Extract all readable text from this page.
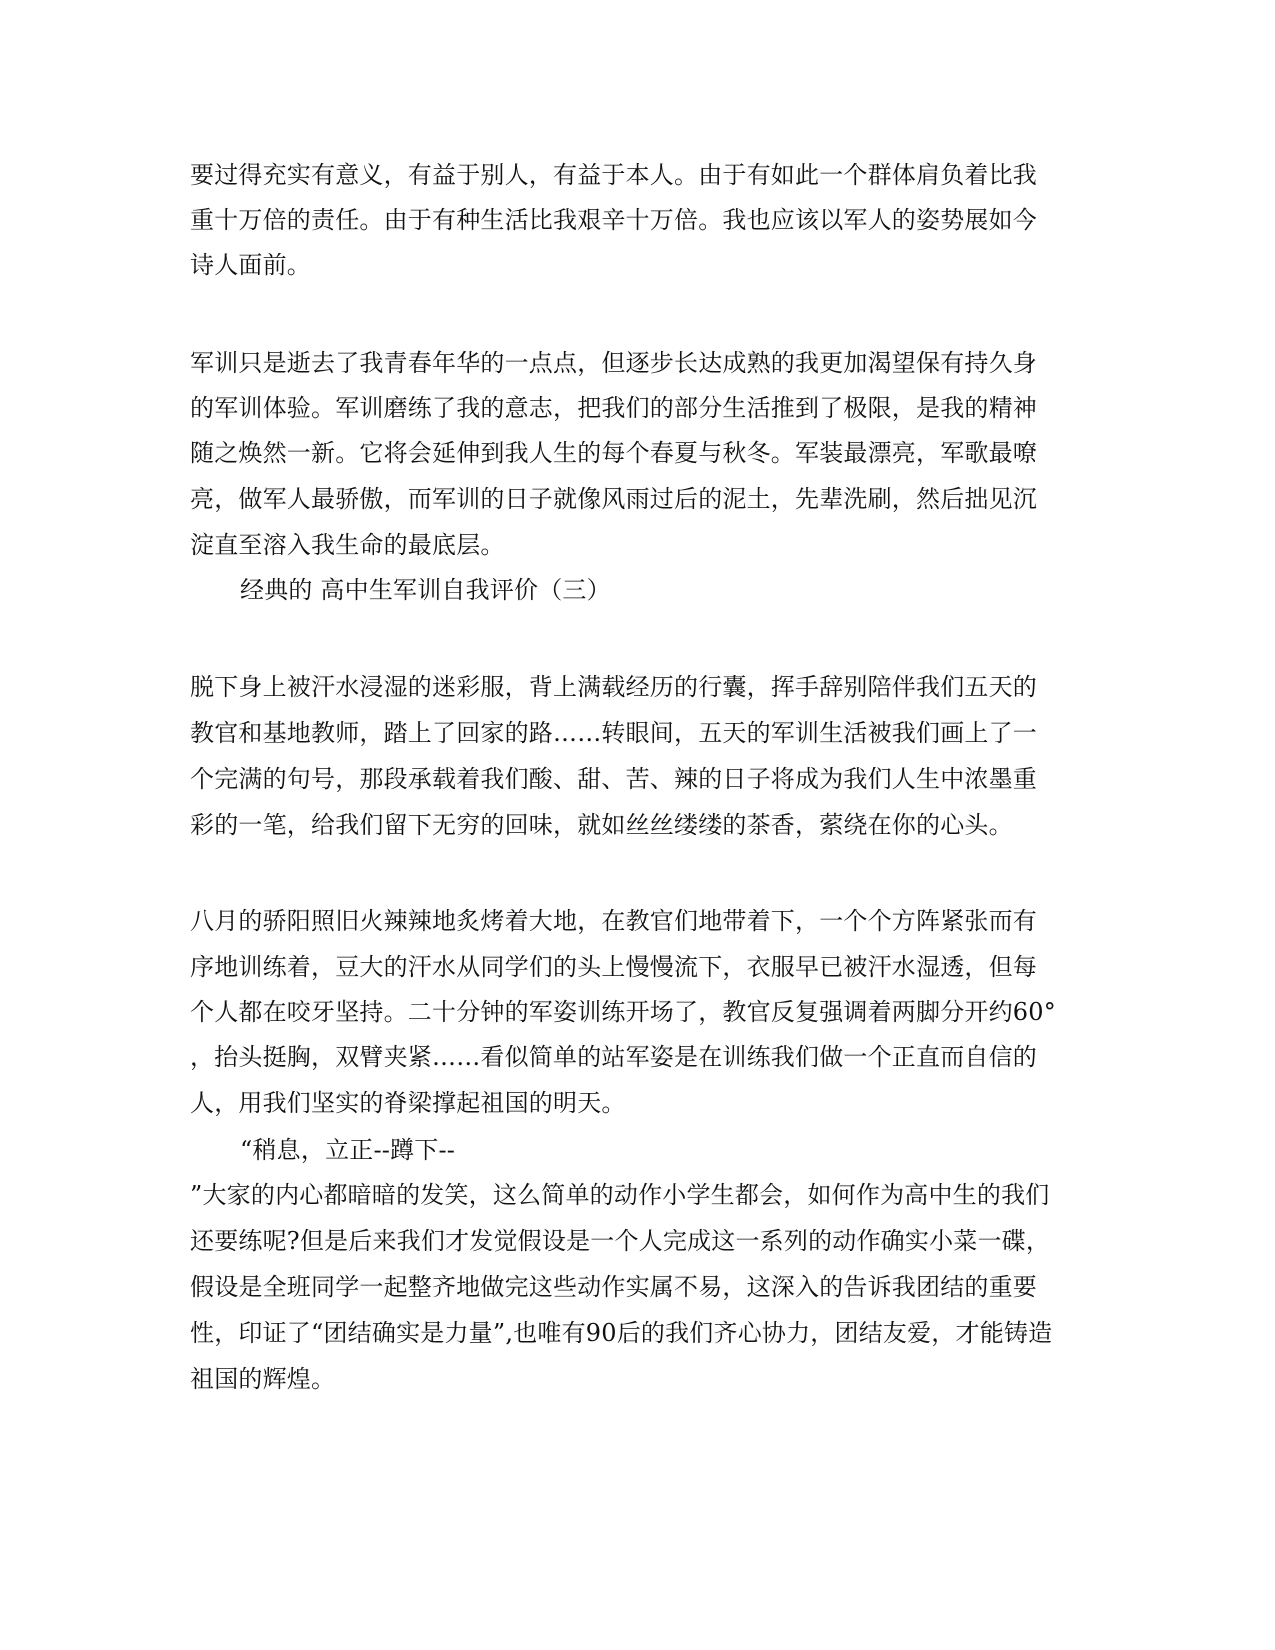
要过得充实有意义，有益于别人，有益于本人。由于有如此一个群体肩负着比我
重十万倍的责任。由于有种生活比我艰辛十万倍。我也应该以军人的姿势展如今
诗人面前。
军训只是逝去了我青春年华的一点点，但逐步长达成熟的我更加渴望保有持久身
的军训体验。军训磨练了我的意志，把我们的部分生活推到了极限，是我的精神
随之焕然一新。它将会延伸到我人生的每个春夏与秋冬。军装最漂亮，军歌最嘹
亮，做军人最骄傲，而军训的日子就像风雨过后的泥土，先辈洗刷，然后拙见沉
淀直至溶入我生命的最底层。
经典的 高中生军训自我评价（三）
脱下身上被汗水浸湿的迷彩服，背上满载经历的行囊，挥手辞别陪伴我们五天的
教官和基地教师，踏上了回家的路……转眼间，五天的军训生活被我们画上了一
个完满的句号，那段承载着我们酸、甜、苦、辣的日子将成为我们人生中浓墨重
彩的一笔，给我们留下无穷的回味，就如丝丝缕缕的茶香，萦绕在你的心头。
八月的骄阳照旧火辣辣地炙烤着大地，在教官们地带着下，一个个方阵紧张而有
序地训练着，豆大的汗水从同学们的头上慢慢流下，衣服早已被汗水湿透，但每
个人都在咬牙坚持。二十分钟的军姿训练开场了，教官反复强调着两脚分开约60°
，抬头挺胸，双臂夹紧……看似简单的站军姿是在训练我们做一个正直而自信的
人，用我们坚实的脊梁撑起祖国的明天。
“稍息，立正--蹲下--
”大家的内心都暗暗的发笑，这么简单的动作小学生都会，如何作为高中生的我们
还要练呢?但是后来我们才发觉假设是一个人完成这一系列的动作确实小菜一碟，
假设是全班同学一起整齐地做完这些动作实属不易，这深入的告诉我团结的重要
性，印证了“团结确实是力量”,也唯有90后的我们齐心协力，团结友爱，才能铸造
祖国的辉煌。
